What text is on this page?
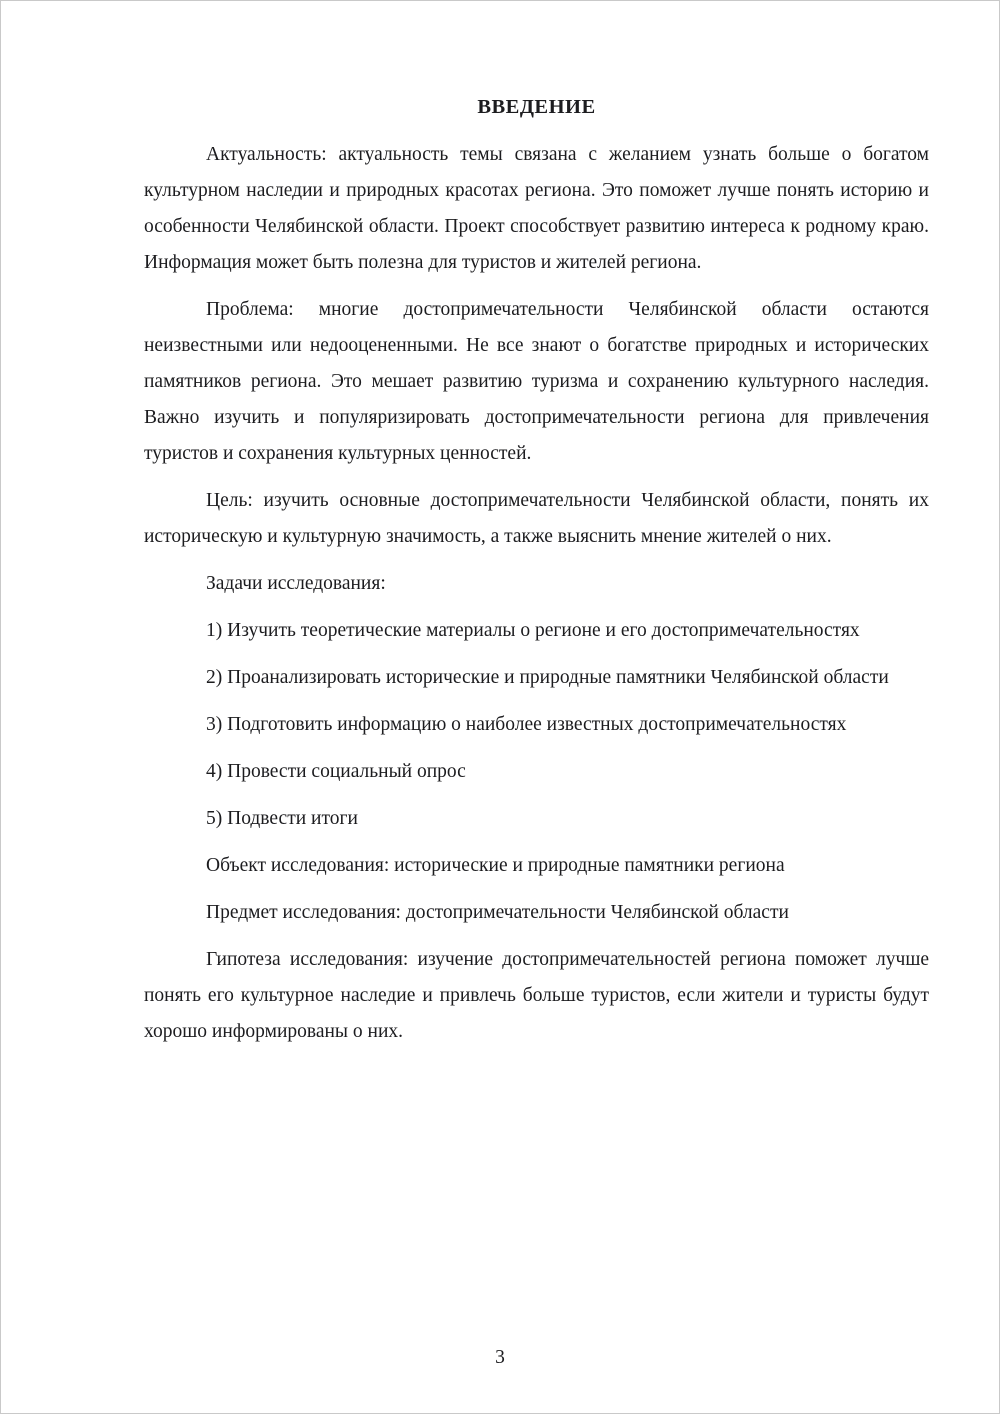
ВВЕДЕНИЕ

Актуальность: актуальность темы связана с желанием узнать больше о богатом культурном наследии и природных красотах региона. Это поможет лучше понять историю и особенности Челябинской области. Проект способствует развитию интереса к родному краю. Информация может быть полезна для туристов и жителей региона.

Проблема: многие достопримечательности Челябинской области остаются неизвестными или недооцененными. Не все знают о богатстве природных и исторических памятников региона. Это мешает развитию туризма и сохранению культурного наследия. Важно изучить и популяризировать достопримечательности региона для привлечения туристов и сохранения культурных ценностей.

Цель: изучить основные достопримечательности Челябинской области, понять их историческую и культурную значимость, а также выяснить мнение жителей о них.

Задачи исследования:

1) Изучить теоретические материалы о регионе и его достопримечательностях

2) Проанализировать исторические и природные памятники Челябинской области

3) Подготовить информацию о наиболее известных достопримечательностях

4) Провести социальный опрос

5) Подвести итоги

Объект исследования: исторические и природные памятники региона

Предмет исследования: достопримечательности Челябинской области

Гипотеза исследования: изучение достопримечательностей региона поможет лучше понять его культурное наследие и привлечь больше туристов, если жители и туристы будут хорошо информированы о них.

3
